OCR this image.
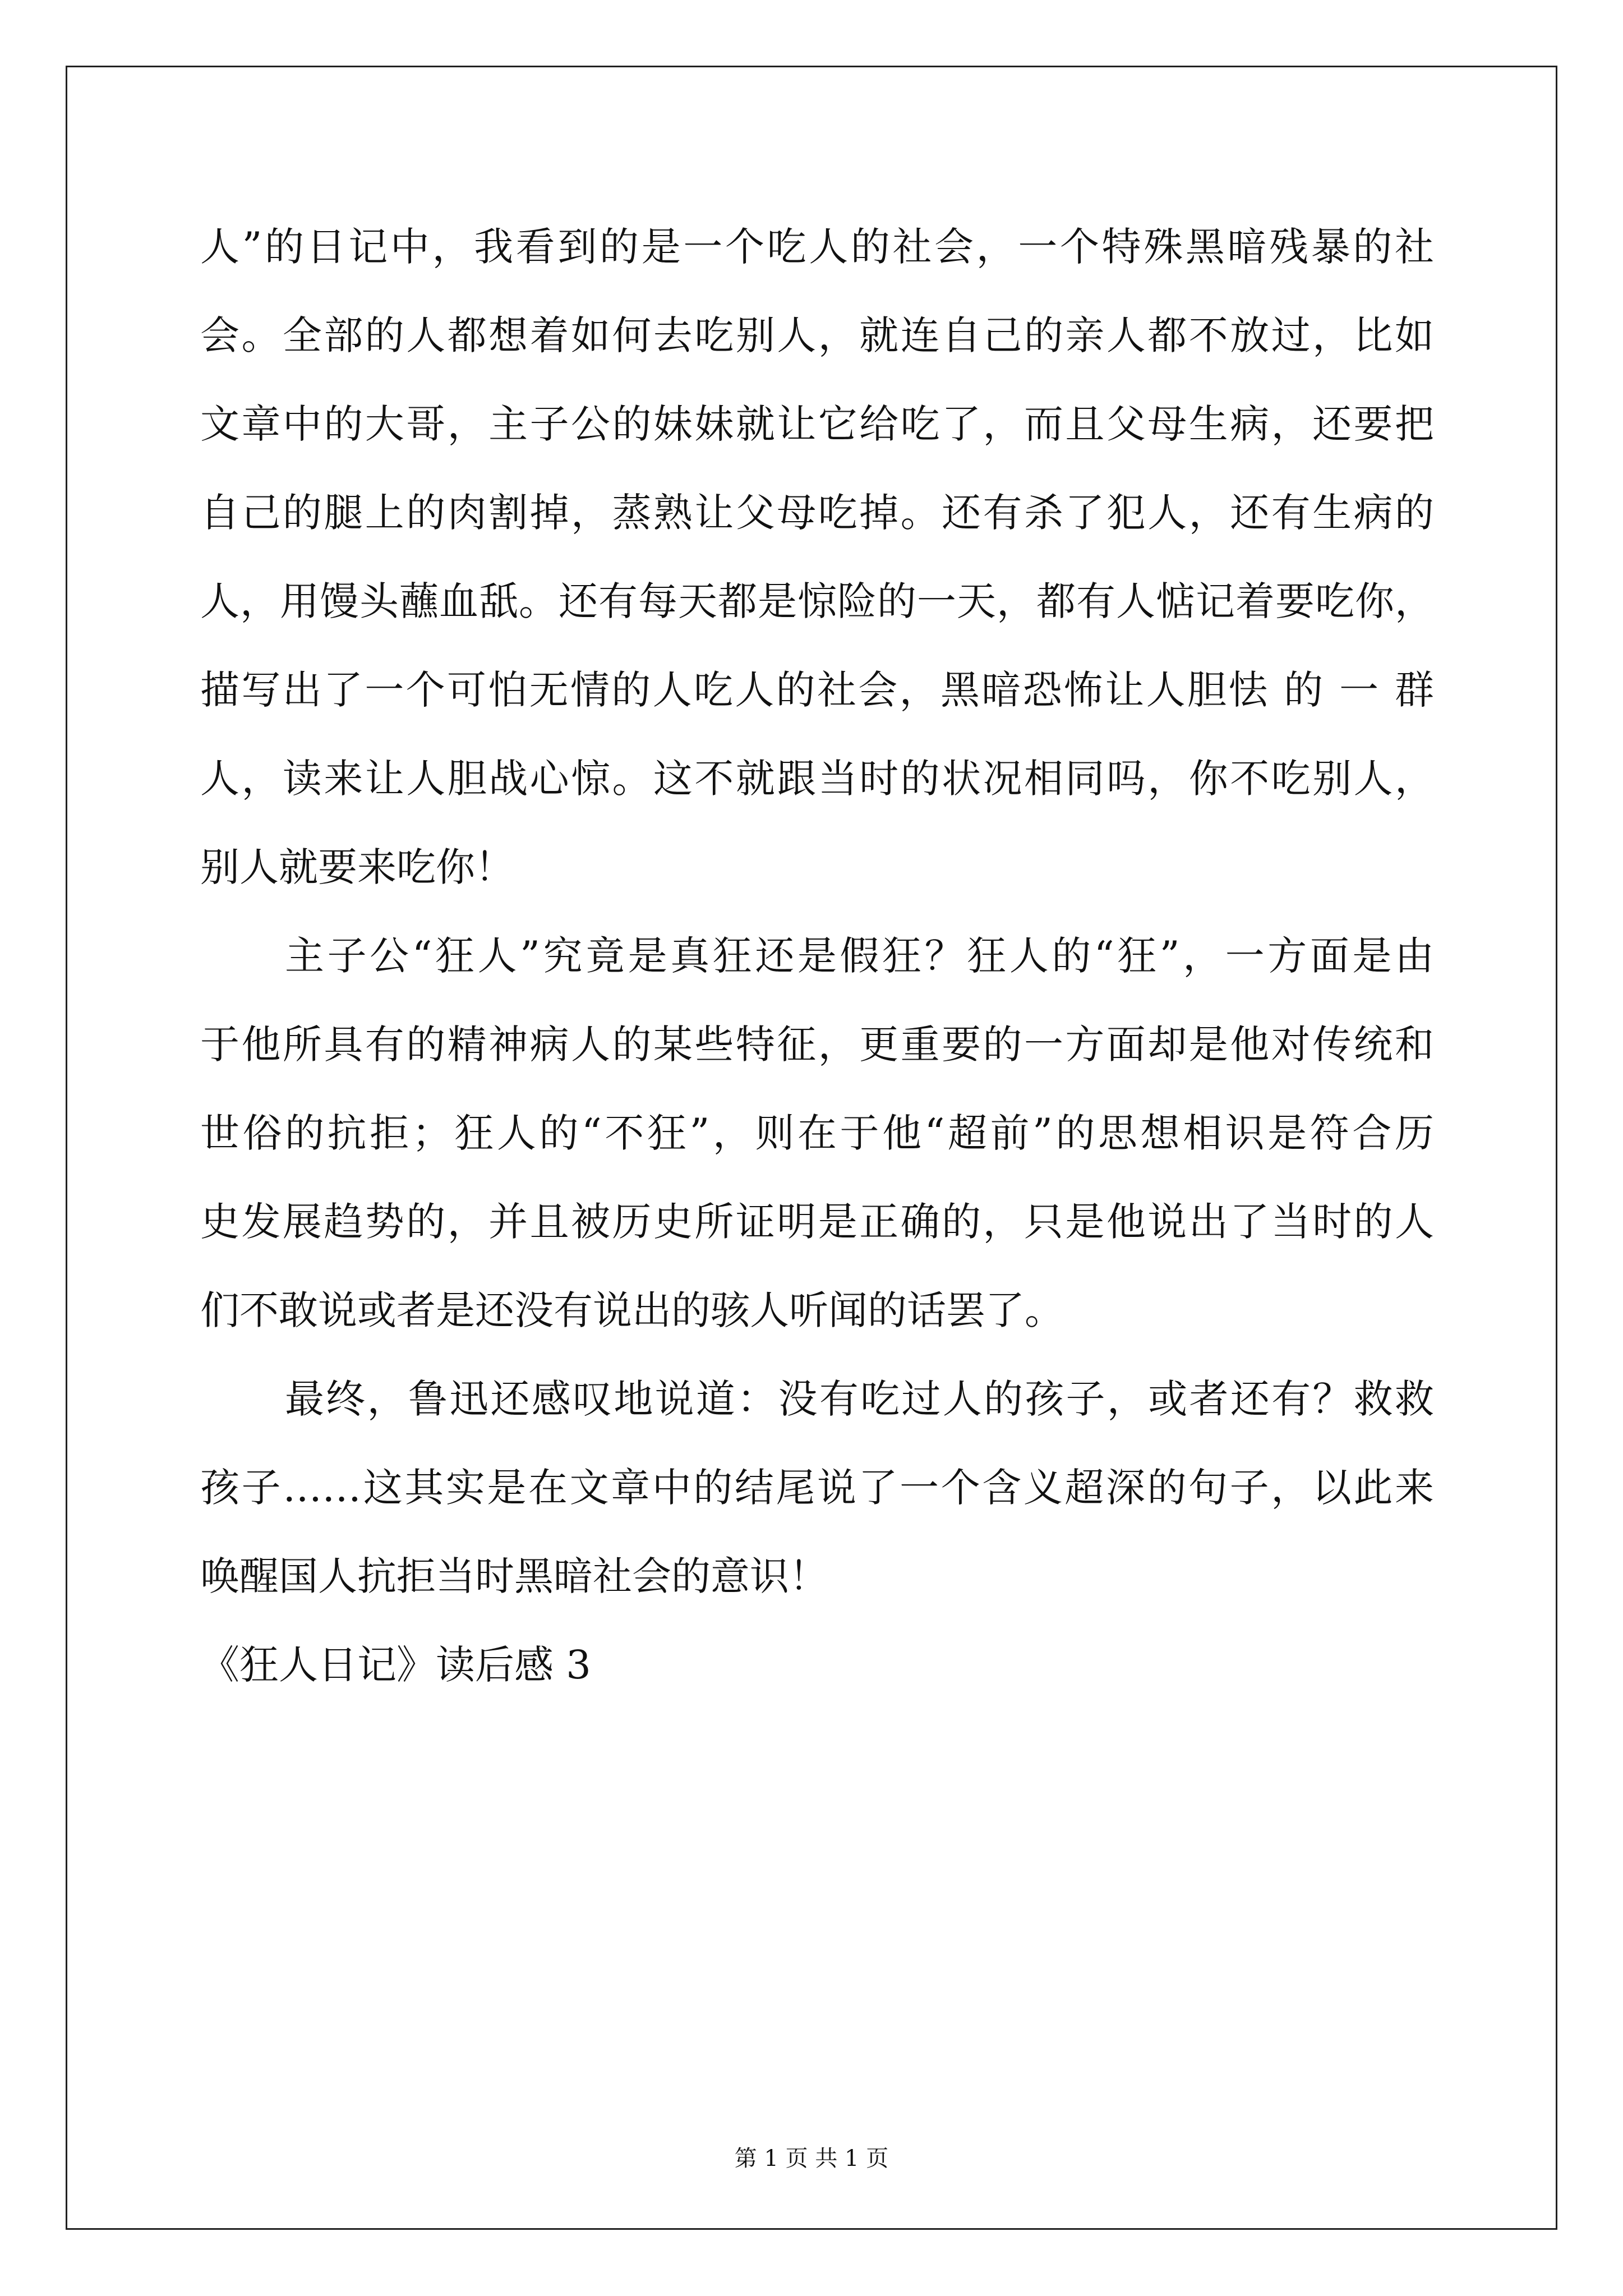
人”的日记中，我看到的是一个吃人的社会，一个特殊黑暗残暴的社
会。全部的人都想着如何去吃别人，就连自己的亲人都不放过，比如
文章中的大哥，主子公的妹妹就让它给吃了，而且父母生病，还要把
自己的腿上的肉割掉，蒸熟让父母吃掉。还有杀了犯人，还有生病的
人，用馒头蘸血舐。还有每天都是惊险的一天，都有人惦记着要吃你，
描写出了一个可怕无情的人吃人的社会，黑暗恐怖让人胆怯 的 一 群
人，读来让人胆战心惊。这不就跟当时的状况相同吗，你不吃别人，
别人就要来吃你！
主子公“狂人”究竟是真狂还是假狂？狂人的“狂”，一方面是由
于他所具有的精神病人的某些特征，更重要的一方面却是他对传统和
世俗的抗拒；狂人的“不狂”，则在于他“超前”的思想相识是符合历
史发展趋势的，并且被历史所证明是正确的，只是他说出了当时的人
们不敢说或者是还没有说出的骇人听闻的话罢了。
最终，鲁迅还感叹地说道：没有吃过人的孩子，或者还有？救救
孩子……这其实是在文章中的结尾说了一个含义超深的句子，以此来
唤醒国人抗拒当时黑暗社会的意识！
《狂人日记》读后感 3
第 1 页 共 1 页
